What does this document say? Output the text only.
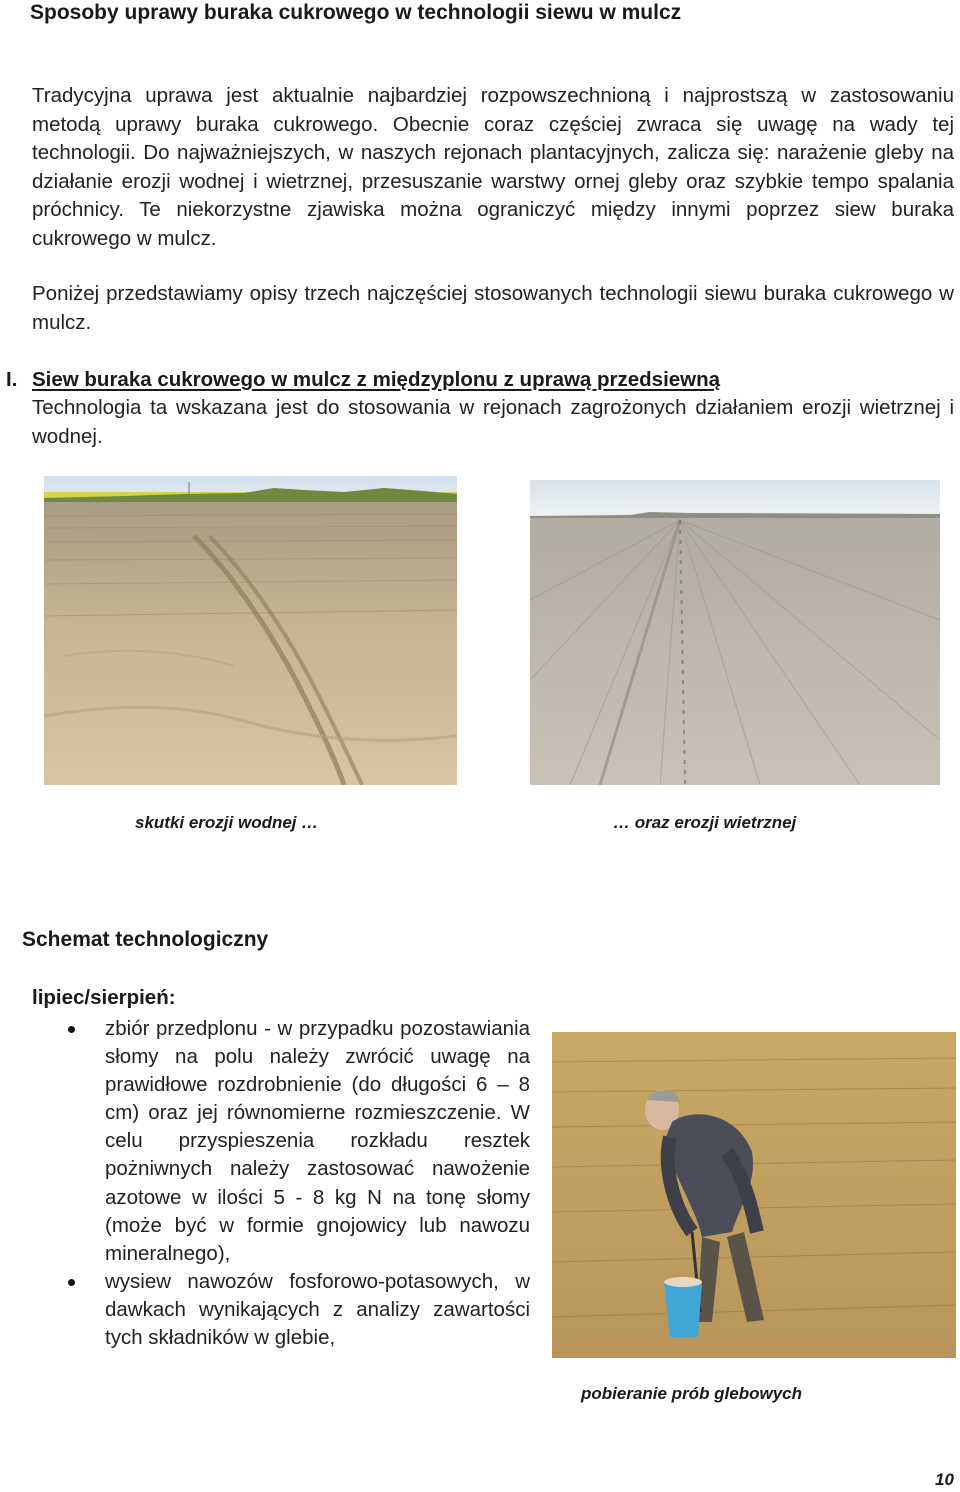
Sposoby uprawy buraka cukrowego w technologii siewu w mulcz
Tradycyjna uprawa jest aktualnie najbardziej rozpowszechnioną i najprostszą w zastosowaniu metodą uprawy buraka cukrowego. Obecnie coraz częściej zwraca się uwagę na wady tej technologii. Do najważniejszych, w naszych rejonach plantacyjnych, zalicza się: narażenie gleby na działanie erozji wodnej i wietrznej, przesuszanie warstwy ornej gleby oraz szybkie tempo spalania próchnicy. Te niekorzystne zjawiska można ograniczyć między innymi poprzez siew buraka cukrowego w mulcz.
Poniżej przedstawiamy opisy trzech najczęściej stosowanych technologii siewu buraka cukrowego w mulcz.
I. Siew buraka cukrowego w mulcz z międzyplonu z uprawą przedsiewną
Technologia ta wskazana jest do stosowania w rejonach zagrożonych działaniem erozji wietrznej i wodnej.
skutki erozji wodnej …	… oraz erozji wietrznej
Schemat technologiczny
lipiec/sierpień:
zbiór przedplonu - w przypadku pozostawiania słomy na polu należy zwrócić uwagę na prawidłowe rozdrobnienie (do długości 6 – 8 cm) oraz jej równomierne rozmieszczenie. W celu przyspieszenia rozkładu resztek pożniwnych należy zastosować nawożenie azotowe w ilości 5 - 8 kg N na tonę słomy (może być w formie gnojowicy lub nawozu mineralnego),
wysiew nawozów fosforowo-potasowych, w dawkach wynikających z analizy zawartości tych składników w glebie,
pobieranie prób glebowych
10
